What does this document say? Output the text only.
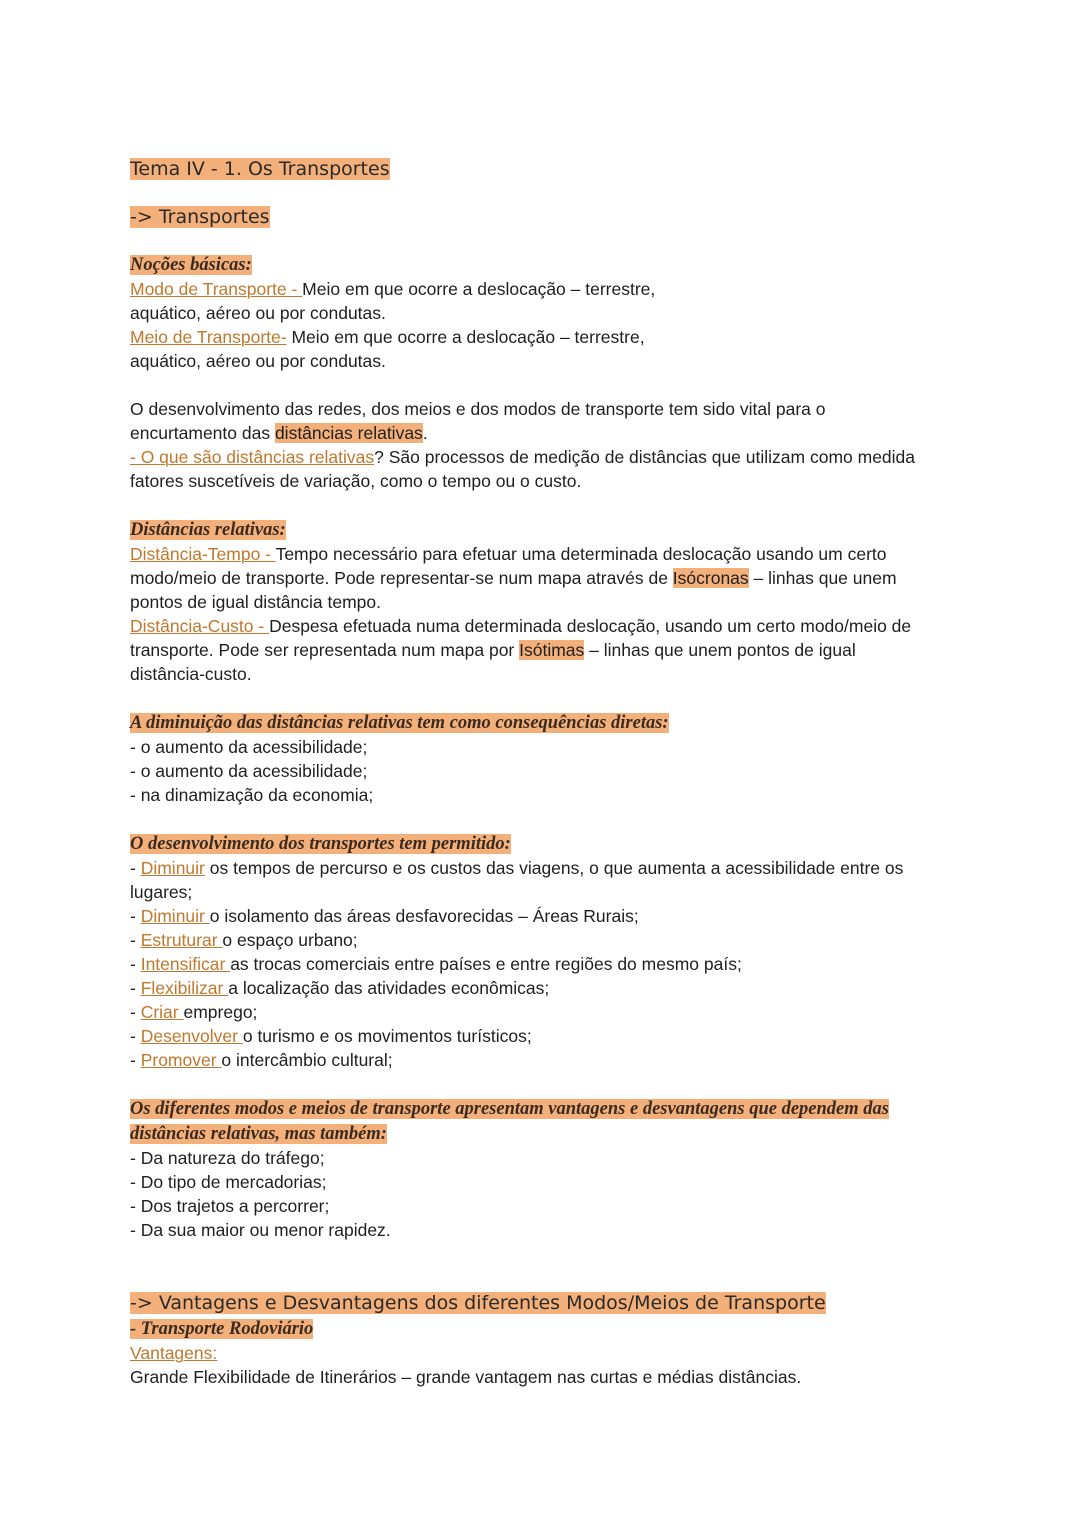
Tema IV - 1. Os Transportes
-> Transportes
Noções básicas:
Modo de Transporte - Meio em que ocorre a deslocação – terrestre,
aquático, aéreo ou por condutas.
Meio de Transporte- Meio em que ocorre a deslocação – terrestre,
aquático, aéreo ou por condutas.
O desenvolvimento das redes, dos meios e dos modos de transporte tem sido vital para o
encurtamento das distâncias relativas.
- O que são distâncias relativas? São processos de medição de distâncias que utilizam como medida
fatores suscetíveis de variação, como o tempo ou o custo.
Distâncias relativas:
Distância-Tempo - Tempo necessário para efetuar uma determinada deslocação usando um certo
modo/meio de transporte. Pode representar-se num mapa através de Isócronas – linhas que unem
pontos de igual distância tempo.
Distância-Custo - Despesa efetuada numa determinada deslocação, usando um certo modo/meio de
transporte. Pode ser representada num mapa por Isótimas – linhas que unem pontos de igual
distância-custo.
A diminuição das distâncias relativas tem como consequências diretas:
- o aumento da acessibilidade;
- o aumento da acessibilidade;
- na dinamização da economia;
O desenvolvimento dos transportes tem permitido:
- Diminuir os tempos de percurso e os custos das viagens, o que aumenta a acessibilidade entre os
lugares;
- Diminuir o isolamento das áreas desfavorecidas – Áreas Rurais;
- Estruturar o espaço urbano;
- Intensificar as trocas comerciais entre países e entre regiões do mesmo país;
- Flexibilizar a localização das atividades econômicas;
- Criar emprego;
- Desenvolver o turismo e os movimentos turísticos;
- Promover o intercâmbio cultural;
Os diferentes modos e meios de transporte apresentam vantagens e desvantagens que dependem das
distâncias relativas, mas também:
- Da natureza do tráfego;
- Do tipo de mercadorias;
- Dos trajetos a percorrer;
- Da sua maior ou menor rapidez.
-> Vantagens e Desvantagens dos diferentes Modos/Meios de Transporte
- Transporte Rodoviário
Vantagens:
Grande Flexibilidade de Itinerários – grande vantagem nas curtas e médias distâncias.
